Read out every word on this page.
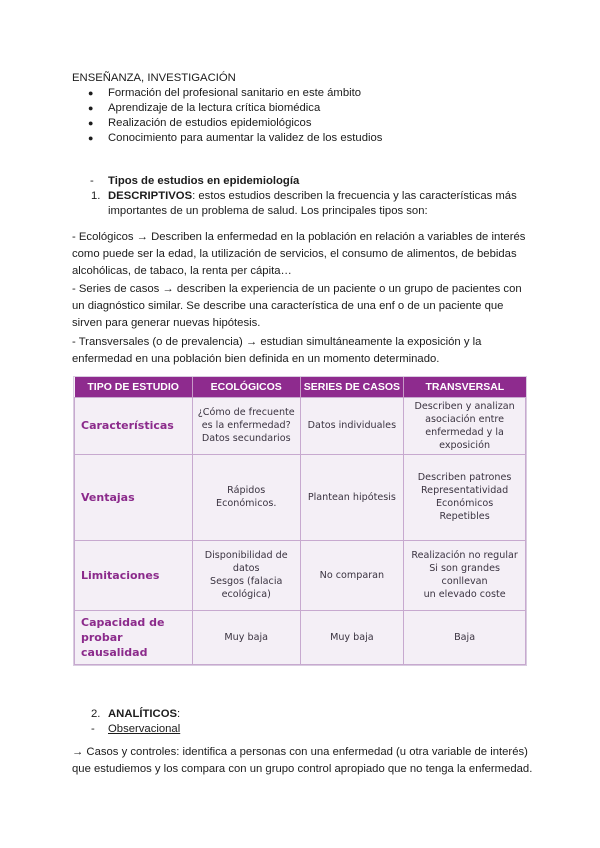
ENSEÑANZA, INVESTIGACIÓN
● Formación del profesional sanitario en este ámbito
● Aprendizaje de la lectura crítica biomédica
● Realización de estudios epidemiológicos
● Conocimiento para aumentar la validez de los estudios
- Tipos de estudios en epidemiología
1. DESCRIPTIVOS: estos estudios describen la frecuencia y las características más
importantes de un problema de salud. Los principales tipos son:
- Ecológicos → Describen la enfermedad en la población en relación a variables de interés
como puede ser la edad, la utilización de servicios, el consumo de alimentos, de bebidas
alcohólicas, de tabaco, la renta per cápita…
- Series de casos → describen la experiencia de un paciente o un grupo de pacientes con
un diagnóstico similar. Se describe una característica de una enf o de un paciente que
sirven para generar nuevas hipótesis.
- Transversales (o de prevalencia) → estudian simultáneamente la exposición y la
enfermedad en una población bien definida en un momento determinado.
TIPO DE ESTUDIO	ECOLÓGICOS	SERIES DE CASOS	TRANSVERSAL

Características	¿Cómo de frecuente
es la enfermedad?
Datos secundarios	Datos individuales	Describen y analizan
asociación entre
enfermedad y la
exposición

Ventajas	Rápidos
Económicos.	Plantean hipótesis	Describen patrones
Representatividad
Económicos
Repetibles

Limitaciones	Disponibilidad de
datos
Sesgos (falacia
ecológica)	No comparan	Realización no regular
Si son grandes conllevan
un elevado coste

Capacidad de
probar causalidad	Muy baja	Muy baja	Baja
2. ANALÍTICOS:
- Observacional
→ Casos y controles: identifica a personas con una enfermedad (u otra variable de interés)
que estudiemos y los compara con un grupo control apropiado que no tenga la enfermedad.
